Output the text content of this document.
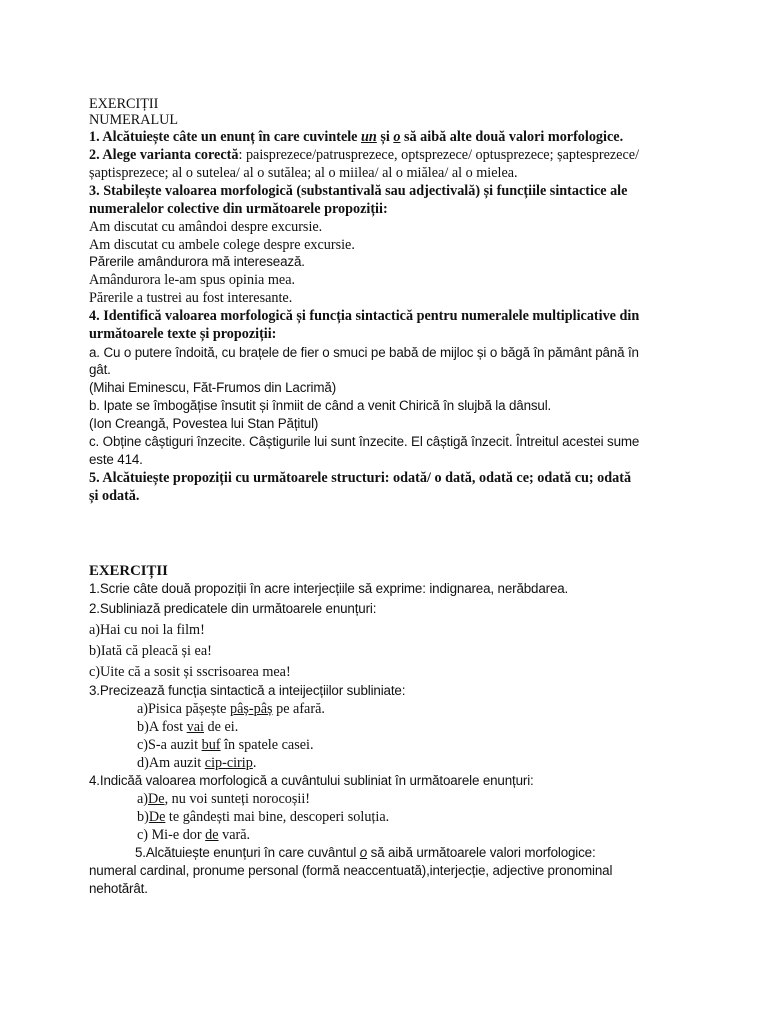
EXERCIȚII

NUMERALUL

1. Alcătuiește câte un enunț în care cuvintele un și o să aibă alte două valori morfologice.

2. Alege varianta corectă: paisprezece/patrusprezece, optsprezece/ optusprezece; șaptesprezece/

șaptisprezece; al o sutelea/ al o sutălea; al o miilea/ al o miălea/ al o mielea.

3. Stabilește valoarea morfologică (substantivală sau adjectivală) și funcțiile sintactice ale

numeralelor colective din următoarele propoziții:

Am discutat cu amândoi despre excursie.

Am discutat cu ambele colege despre excursie.

Părerile amândurora mă interesează.

Amândurora le-am spus opinia mea.

Părerile a tustrei au fost interesante.

4. Identifică valoarea morfologică și funcția sintactică pentru numeralele multiplicative din

următoarele texte și propoziții:

a. Cu o putere îndoită, cu brațele de fier o smuci pe babă de mijloc și o băgă în pământ până în

gât.

(Mihai Eminescu, Făt-Frumos din Lacrimă)

b. Ipate se îmbogățise însutit și înmiit de când a venit Chirică în slujbă la dânsul.

(Ion Creangă, Povestea lui Stan Pățitul)

c. Obține câștiguri înzecite. Câștigurile lui sunt înzecite. El câștigă înzecit. Întreitul acestei sume

este 414.

5. Alcătuiește propoziții cu următoarele structuri: odată/ o dată, odată ce; odată cu; odată

și odată.

EXERCIȚII

1.Scrie câte două propoziții în acre interjecțiile să exprime: indignarea, nerăbdarea.

2.Subliniază predicatele din următoarele enunțuri:

a)Hai cu noi la film!

b)Iată că pleacă și ea!

c)Uite că a sosit și sscrisoarea mea!

3.Precizează funcția sintactică a inteijecțiilor subliniate:

a)Pisica pășește pâș-pâș pe afară.

b)A fost vai de ei.

c)S-a auzit buf în spatele casei.

d)Am auzit cip-cirip.

4.Indicăă valoarea morfologică a cuvântului subliniat în următoarele enunțuri:

a)De, nu voi sunteți norocoșii!

b)De te gândești mai bine, descoperi soluția.

c) Mi-e dor de vară.

5.Alcătuiește enunțuri în care cuvântul o să aibă următoarele valori morfologice:

numeral cardinal, pronume personal (formă neaccentuată),interjecție, adjective pronominal

nehotărât.
